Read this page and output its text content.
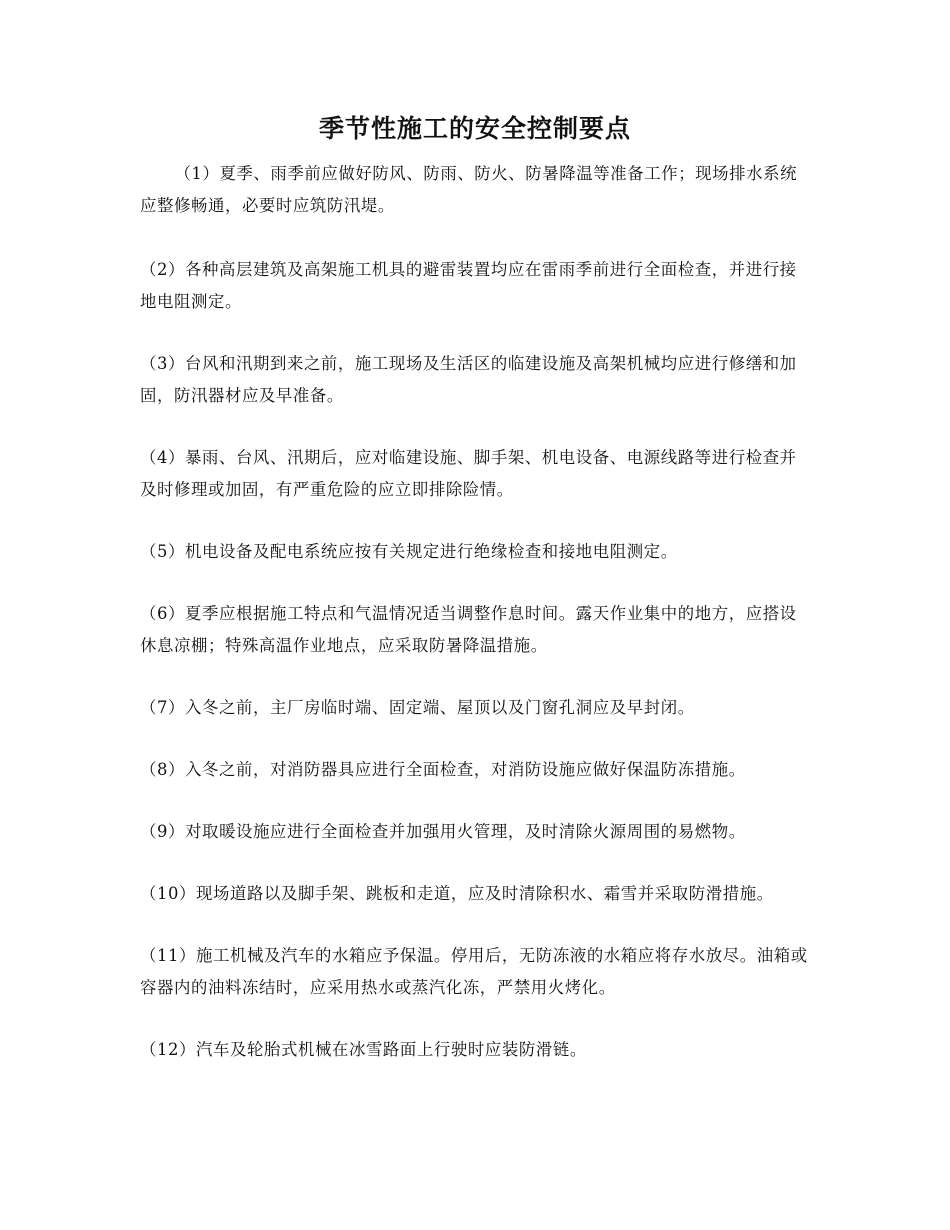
季节性施工的安全控制要点

（1）夏季、雨季前应做好防风、防雨、防火、防暑降温等准备工作；现场排水系统应整修畅通，必要时应筑防汛堤。

（2）各种高层建筑及高架施工机具的避雷装置均应在雷雨季前进行全面检查，并进行接地电阻测定。

（3）台风和汛期到来之前，施工现场及生活区的临建设施及高架机械均应进行修缮和加固，防汛器材应及早准备。

（4）暴雨、台风、汛期后，应对临建设施、脚手架、机电设备、电源线路等进行检查并及时修理或加固，有严重危险的应立即排除险情。

（5）机电设备及配电系统应按有关规定进行绝缘检查和接地电阻测定。

（6）夏季应根据施工特点和气温情况适当调整作息时间。露天作业集中的地方，应搭设休息凉棚；特殊高温作业地点，应采取防暑降温措施。

（7）入冬之前，主厂房临时端、固定端、屋顶以及门窗孔洞应及早封闭。

（8）入冬之前，对消防器具应进行全面检查，对消防设施应做好保温防冻措施。

（9）对取暖设施应进行全面检查并加强用火管理，及时清除火源周围的易燃物。

（10）现场道路以及脚手架、跳板和走道，应及时清除积水、霜雪并采取防滑措施。

（11）施工机械及汽车的水箱应予保温。停用后，无防冻液的水箱应将存水放尽。油箱或容器内的油料冻结时，应采用热水或蒸汽化冻，严禁用火烤化。

（12）汽车及轮胎式机械在冰雪路面上行驶时应装防滑链。
